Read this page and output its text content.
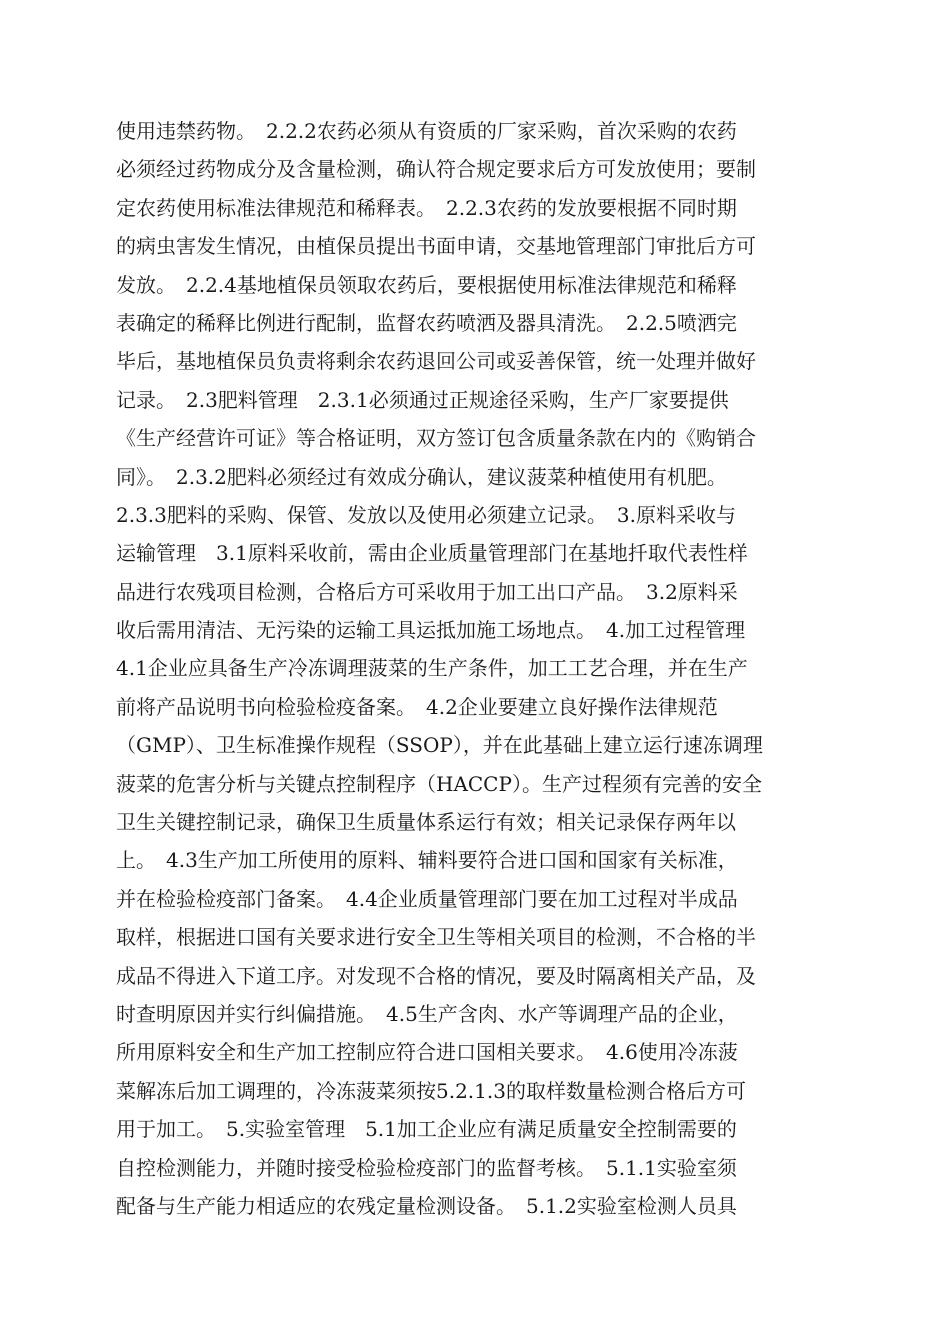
使用违禁药物。　2.2.2农药必须从有资质的厂家采购，首次采购的农药
必须经过药物成分及含量检测，确认符合规定要求后方可发放使用；要制
定农药使用标准法律规范和稀释表。　2.2.3农药的发放要根据不同时期
的病虫害发生情况，由植保员提出书面申请，交基地管理部门审批后方可
发放。　2.2.4基地植保员领取农药后，要根据使用标准法律规范和稀释
表确定的稀释比例进行配制，监督农药喷洒及器具清洗。　2.2.5喷洒完
毕后，基地植保员负责将剩余农药退回公司或妥善保管，统一处理并做好
记录。　2.3肥料管理　2.3.1必须通过正规途径采购，生产厂家要提供
《生产经营许可证》等合格证明，双方签订包含质量条款在内的《购销合
同》。　2.3.2肥料必须经过有效成分确认，建议菠菜种植使用有机肥。
2.3.3肥料的采购、保管、发放以及使用必须建立记录。　3.原料采收与
运输管理　3.1原料采收前，需由企业质量管理部门在基地扦取代表性样
品进行农残项目检测，合格后方可采收用于加工出口产品。　3.2原料采
收后需用清洁、无污染的运输工具运抵加施工场地点。　4.加工过程管理
4.1企业应具备生产冷冻调理菠菜的生产条件，加工工艺合理，并在生产
前将产品说明书向检验检疫备案。　4.2企业要建立良好操作法律规范
（GMP）、卫生标准操作规程（SSOP），并在此基础上建立运行速冻调理
菠菜的危害分析与关键点控制程序（HACCP）。生产过程须有完善的安全
卫生关键控制记录，确保卫生质量体系运行有效；相关记录保存两年以
上。　4.3生产加工所使用的原料、辅料要符合进口国和国家有关标准，
并在检验检疫部门备案。　4.4企业质量管理部门要在加工过程对半成品
取样，根据进口国有关要求进行安全卫生等相关项目的检测，不合格的半
成品不得进入下道工序。对发现不合格的情况，要及时隔离相关产品，及
时查明原因并实行纠偏措施。　4.5生产含肉、水产等调理产品的企业，
所用原料安全和生产加工控制应符合进口国相关要求。　4.6使用冷冻菠
菜解冻后加工调理的，冷冻菠菜须按5.2.1.3的取样数量检测合格后方可
用于加工。　5.实验室管理　5.1加工企业应有满足质量安全控制需要的
自控检测能力，并随时接受检验检疫部门的监督考核。　5.1.1实验室须
配备与生产能力相适应的农残定量检测设备。　5.1.2实验室检测人员具
